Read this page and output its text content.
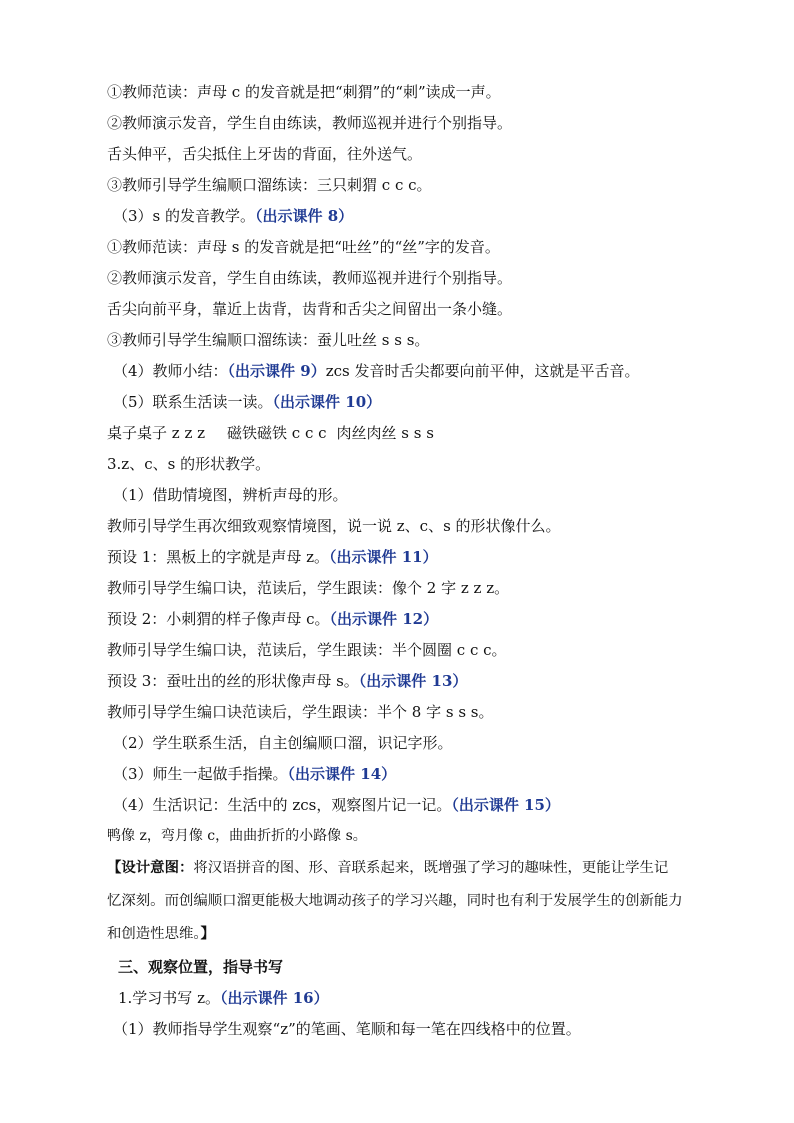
①教师范读：声母 c 的发音就是把“刺猬”的“刺”读成一声。
②教师演示发音，学生自由练读，教师巡视并进行个别指导。
舌头伸平，舌尖抵住上牙齿的背面，往外送气。
③教师引导学生编顺口溜练读：三只刺猬 c c c。
（3）s 的发音教学。（出示课件 8）
①教师范读：声母 s 的发音就是把“吐丝”的“丝”字的发音。
②教师演示发音，学生自由练读，教师巡视并进行个别指导。
舌尖向前平身，靠近上齿背，齿背和舌尖之间留出一条小缝。
③教师引导学生编顺口溜练读：蚕儿吐丝 s s s。
（4）教师小结：（出示课件 9）zcs 发音时舌尖都要向前平伸，这就是平舌音。
（5）联系生活读一读。（出示课件 10）
桌子桌子 z z z 磁铁磁铁 c c c 肉丝肉丝 s s s
3.z、c、s 的形状教学。
（1）借助情境图，辨析声母的形。
教师引导学生再次细致观察情境图，说一说 z、c、s 的形状像什么。
预设 1：黑板上的字就是声母 z。（出示课件 11）
教师引导学生编口诀，范读后，学生跟读：像个 2 字 z z z。
预设 2：小刺猬的样子像声母 c。（出示课件 12）
教师引导学生编口诀，范读后，学生跟读：半个圆圈 c c c。
预设 3：蚕吐出的丝的形状像声母 s。（出示课件 13）
教师引导学生编口诀范读后，学生跟读：半个 8 字 s s s。
（2）学生联系生活，自主创编顺口溜，识记字形。
（3）师生一起做手指操。（出示课件 14）
（4）生活识记：生活中的 zcs，观察图片记一记。（出示课件 15）
鸭像 z，弯月像 c，曲曲折折的小路像 s。
【设计意图：将汉语拼音的图、形、音联系起来，既增强了学习的趣味性，更能让学生记
忆深刻。而创编顺口溜更能极大地调动孩子的学习兴趣，同时也有利于发展学生的创新能力
和创造性思维。】
三、观察位置，指导书写
1.学习书写 z。（出示课件 16）
（1）教师指导学生观察“z”的笔画、笔顺和每一笔在四线格中的位置。
